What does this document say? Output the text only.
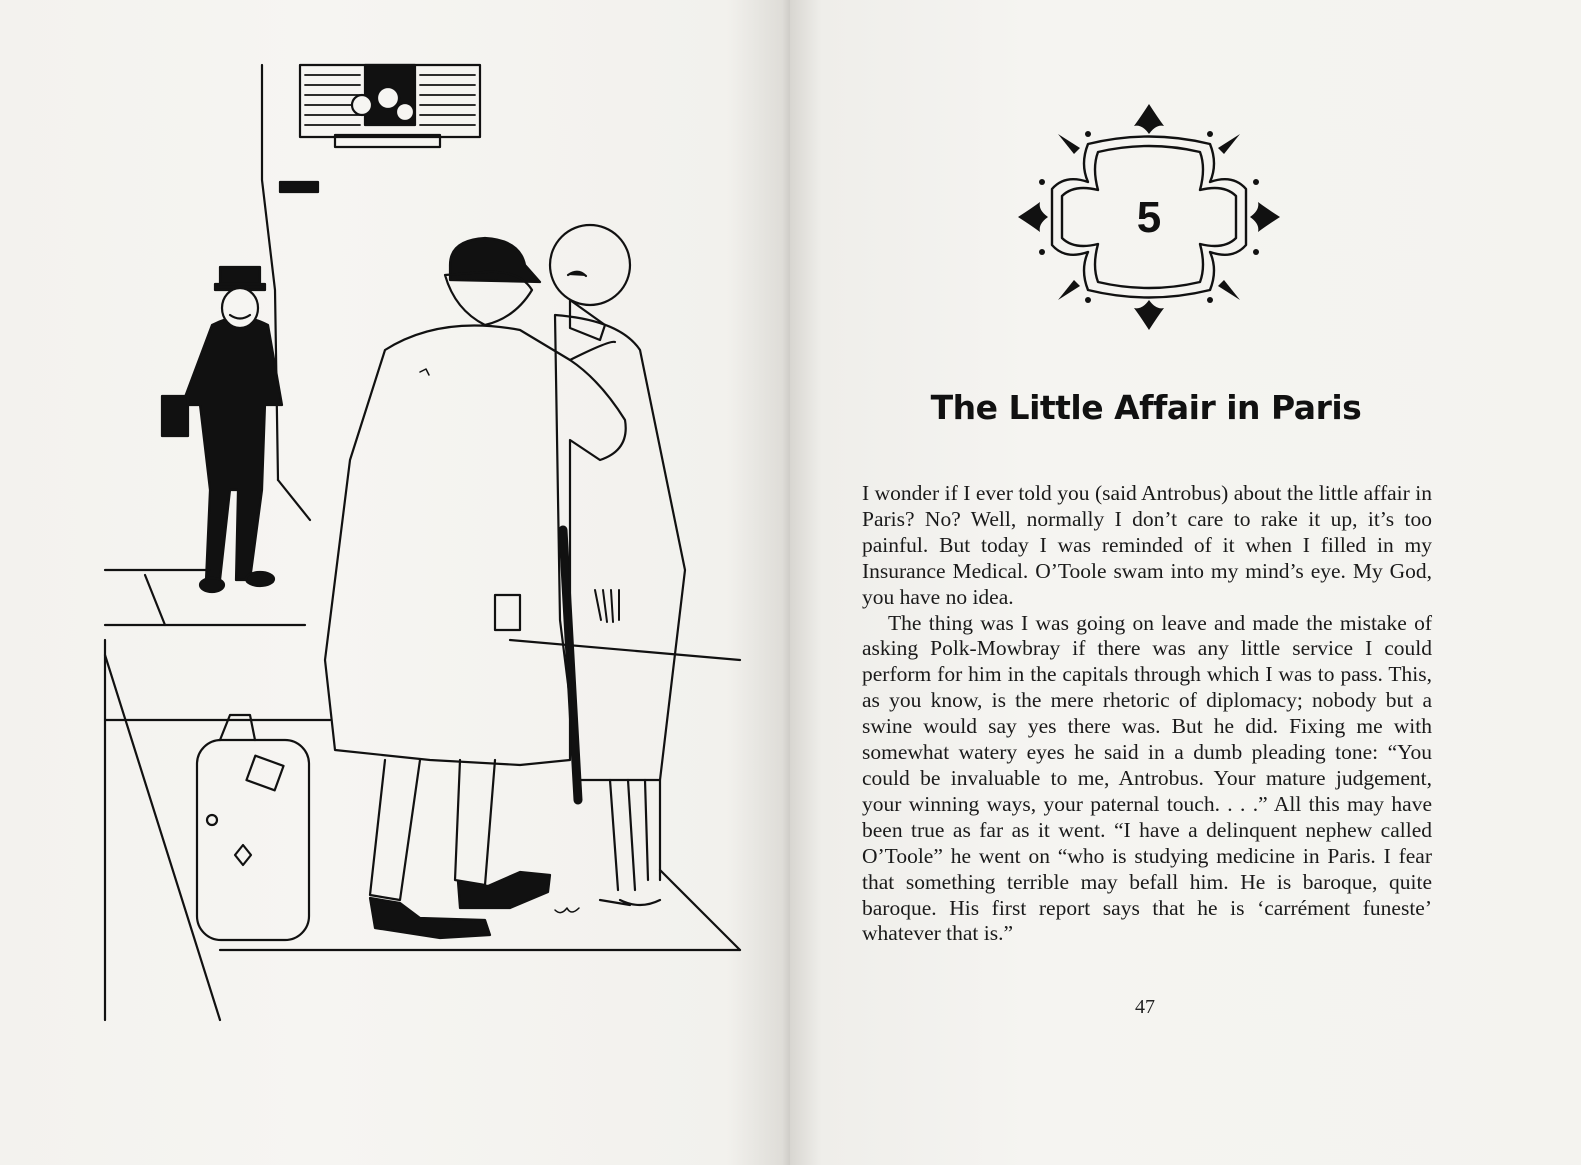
5
The Little Affair in Paris

I wonder if I ever told you (said Antrobus) about the little affair in Paris? No? Well, normally I don’t care to rake it up, it’s too painful. But today I was reminded of it when I filled in my Insurance Medical. O’Toole swam into my mind’s eye. My God, you have no idea.

The thing was I was going on leave and made the mistake of asking Polk-Mowbray if there was any little service I could perform for him in the capitals through which I was to pass. This, as you know, is the mere rhetoric of diplomacy; nobody but a swine would say yes there was. But he did. Fixing me with somewhat watery eyes he said in a dumb pleading tone: “You could be invaluable to me, Antrobus. Your mature judgement, your winning ways, your paternal touch. . . .” All this may have been true as far as it went. “I have a delinquent nephew called O’Toole” he went on “who is studying medicine in Paris. I fear that something terrible may befall him. He is baroque, quite baroque. His first report says that he is ‘carrément funeste’ whatever that is.”

47
